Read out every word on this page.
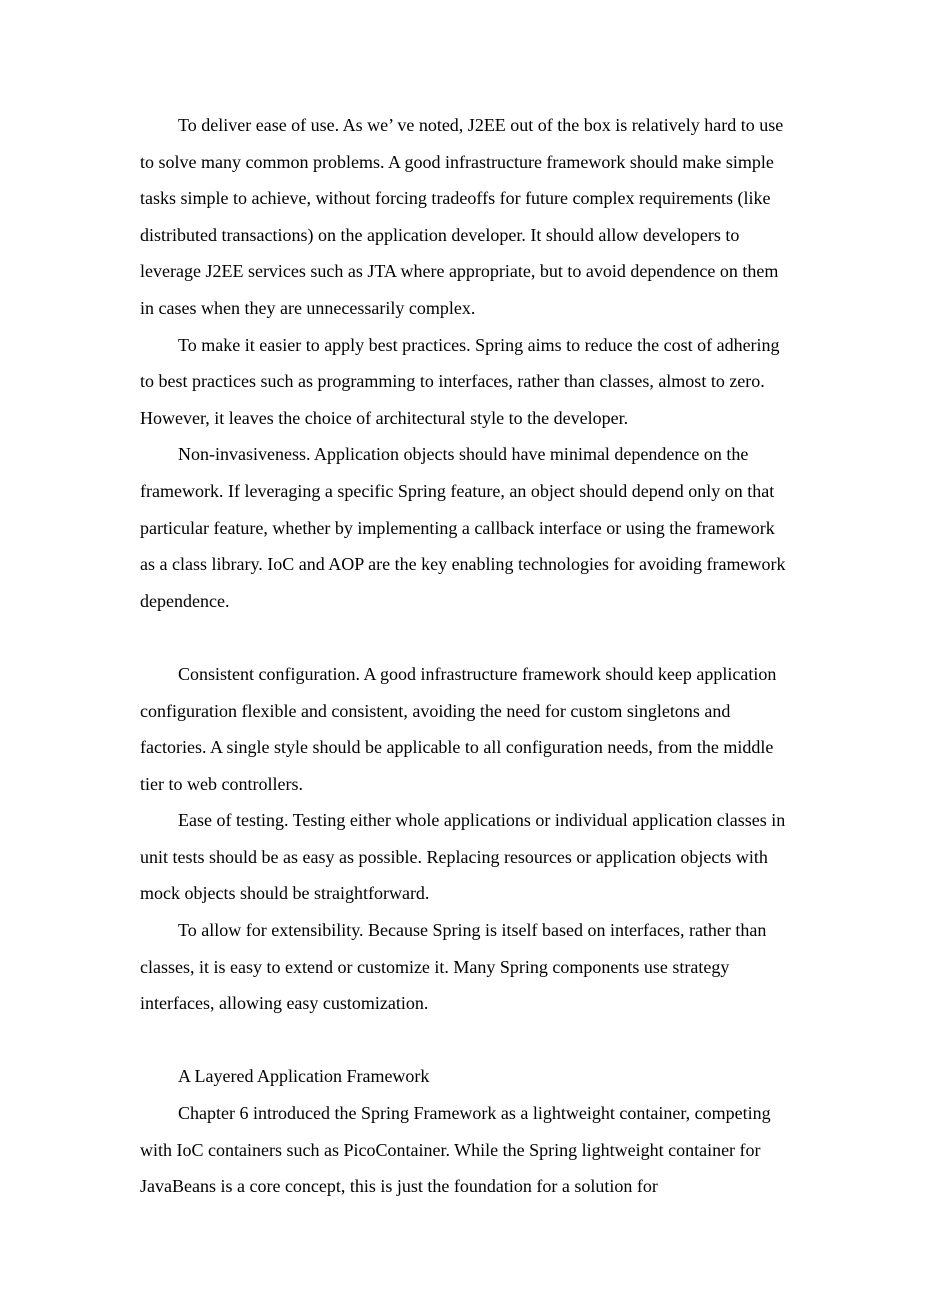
To deliver ease of use. As we’ ve noted, J2EE out of the box is relatively hard to use to solve many common problems. A good infrastructure framework should make simple tasks simple to achieve, without forcing tradeoffs for future complex requirements (like distributed transactions) on the application developer. It should allow developers to leverage J2EE services such as JTA where appropriate, but to avoid dependence on them in cases when they are unnecessarily complex.

To make it easier to apply best practices. Spring aims to reduce the cost of adhering to best practices such as programming to interfaces, rather than classes, almost to zero. However, it leaves the choice of architectural style to the developer.

Non-invasiveness. Application objects should have minimal dependence on the framework. If leveraging a specific Spring feature, an object should depend only on that particular feature, whether by implementing a callback interface or using the framework as a class library. IoC and AOP are the key enabling technologies for avoiding framework dependence.

Consistent configuration. A good infrastructure framework should keep application configuration flexible and consistent, avoiding the need for custom singletons and factories. A single style should be applicable to all configuration needs, from the middle tier to web controllers.

Ease of testing. Testing either whole applications or individual application classes in unit tests should be as easy as possible. Replacing resources or application objects with mock objects should be straightforward.

To allow for extensibility. Because Spring is itself based on interfaces, rather than classes, it is easy to extend or customize it. Many Spring components use strategy interfaces, allowing easy customization.

A Layered Application Framework

Chapter 6 introduced the Spring Framework as a lightweight container, competing with IoC containers such as PicoContainer. While the Spring lightweight container for JavaBeans is a core concept, this is just the foundation for a solution for
